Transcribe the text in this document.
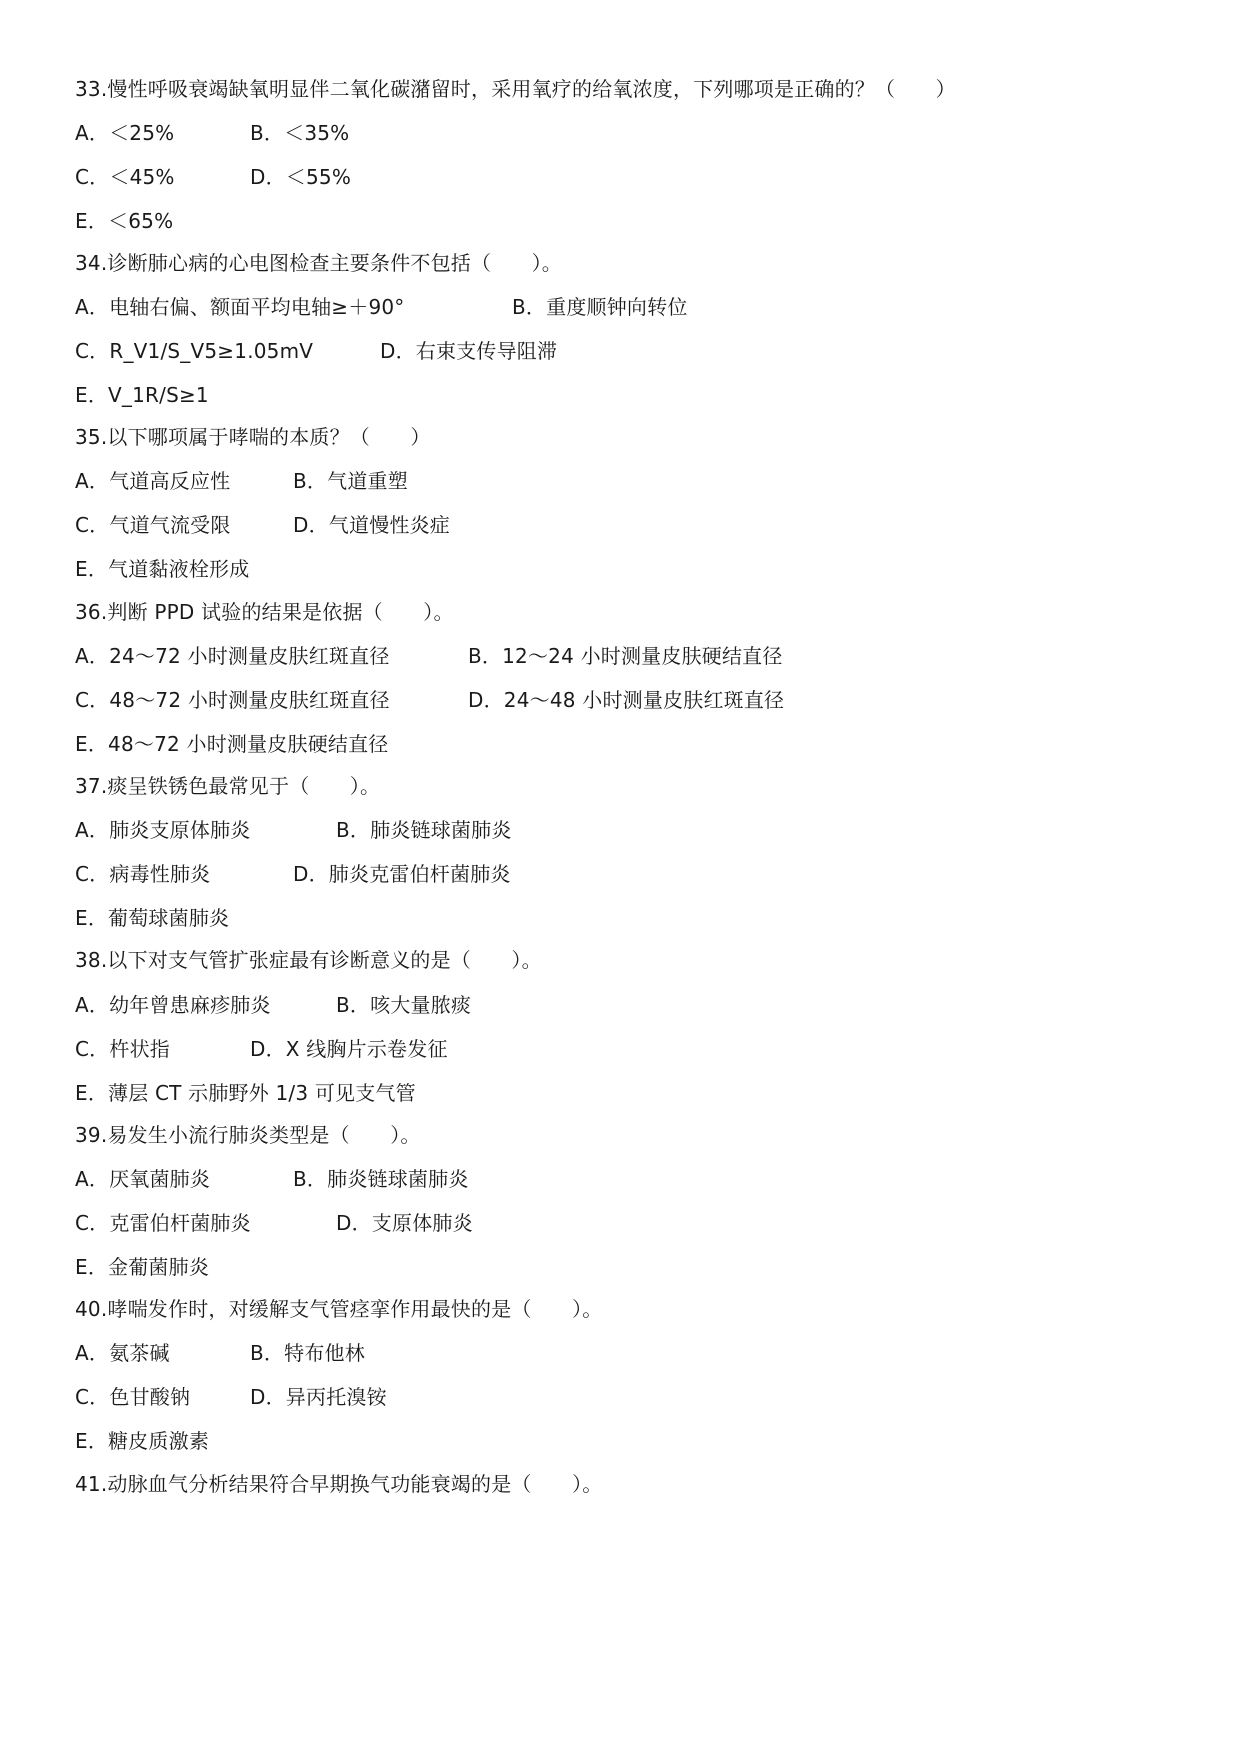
33.慢性呼吸衰竭缺氧明显伴二氧化碳潴留时，采用氧疗的给氧浓度，下列哪项是正确的？（　　）
A．＜25%	B．＜35%
C．＜45%	D．＜55%
E．＜65%
34.诊断肺心病的心电图检查主要条件不包括（　　）。
A．电轴右偏、额面平均电轴≥＋90°	B．重度顺钟向转位
C．R_V1/S_V5≥1.05mV	D．右束支传导阻滞
E．V_1R/S≥1
35.以下哪项属于哮喘的本质？（　　）
A．气道高反应性	B．气道重塑
C．气道气流受限	D．气道慢性炎症
E．气道黏液栓形成
36.判断 PPD 试验的结果是依据（　　）。
A．24～72 小时测量皮肤红斑直径	B．12～24 小时测量皮肤硬结直径
C．48～72 小时测量皮肤红斑直径	D．24～48 小时测量皮肤红斑直径
E．48～72 小时测量皮肤硬结直径
37.痰呈铁锈色最常见于（　　）。
A．肺炎支原体肺炎	B．肺炎链球菌肺炎
C．病毒性肺炎	D．肺炎克雷伯杆菌肺炎
E．葡萄球菌肺炎
38.以下对支气管扩张症最有诊断意义的是（　　）。
A．幼年曾患麻疹肺炎	B．咳大量脓痰
C．杵状指	D．X 线胸片示卷发征
E．薄层 CT 示肺野外 1/3 可见支气管
39.易发生小流行肺炎类型是（　　）。
A．厌氧菌肺炎	B．肺炎链球菌肺炎
C．克雷伯杆菌肺炎	D．支原体肺炎
E．金葡菌肺炎
40.哮喘发作时，对缓解支气管痉挛作用最快的是（　　）。
A．氨茶碱	B．特布他林
C．色甘酸钠	D．异丙托溴铵
E．糖皮质激素
41.动脉血气分析结果符合早期换气功能衰竭的是（　　）。
